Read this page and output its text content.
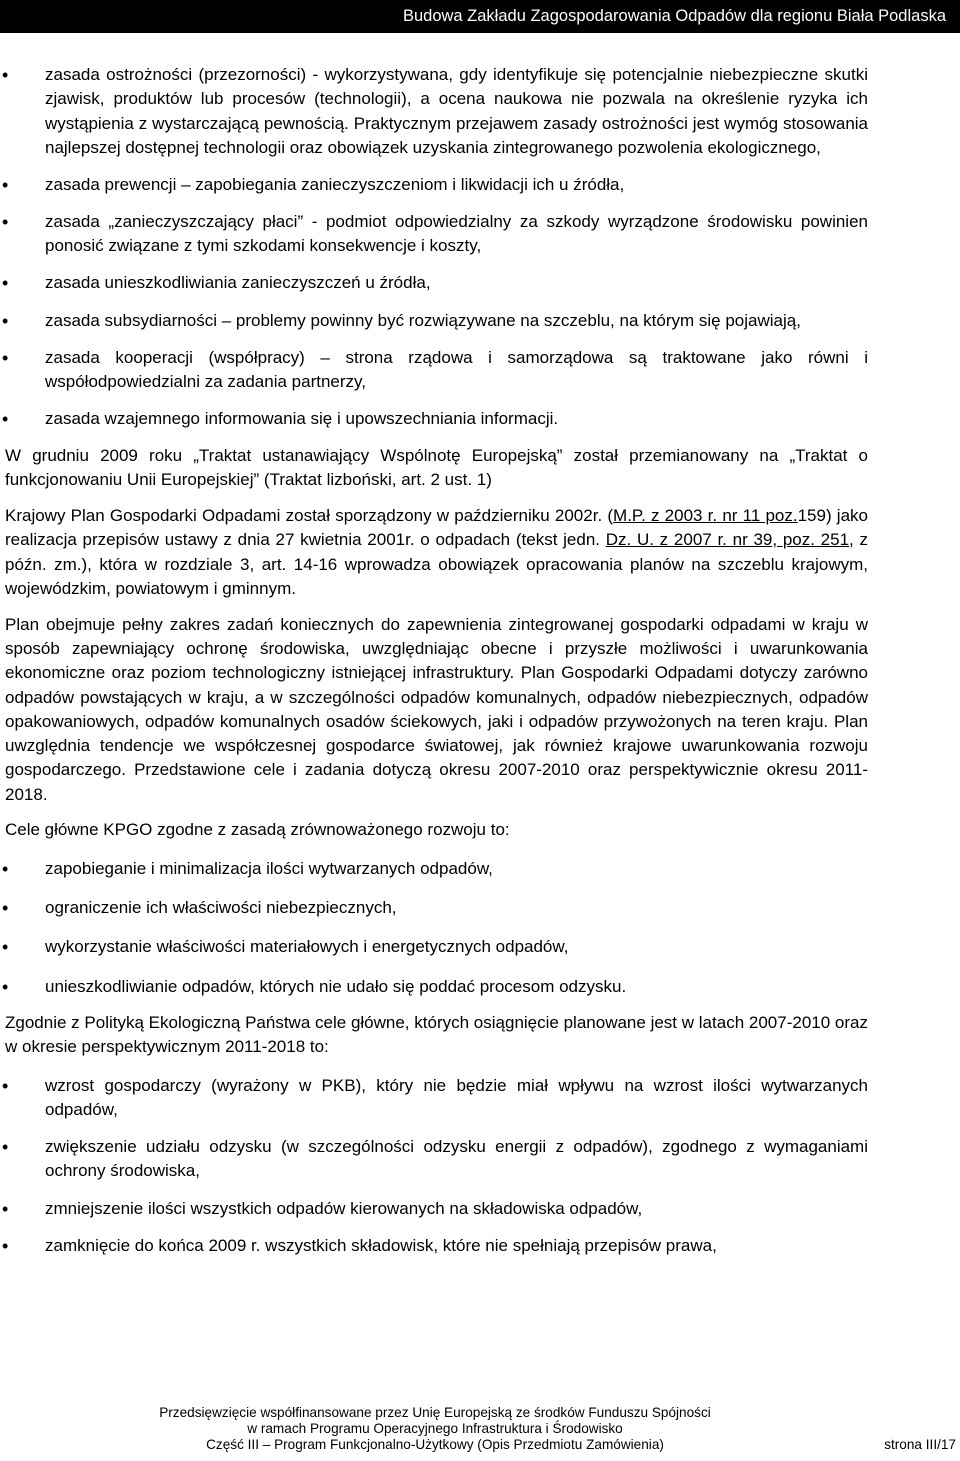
Budowa Zakładu Zagospodarowania Odpadów dla regionu Biała Podlaska
• zasada ostrożności (przezorności) - wykorzystywana, gdy identyfikuje się potencjalnie niebezpieczne skutki zjawisk, produktów lub procesów (technologii), a ocena naukowa nie pozwala na określenie ryzyka ich wystąpienia z wystarczającą pewnością. Praktycznym przejawem zasady ostrożności jest wymóg stosowania najlepszej dostępnej technologii oraz obowiązek uzyskania zintegrowanego pozwolenia ekologicznego,
• zasada prewencji – zapobiegania zanieczyszczeniom i likwidacji ich u źródła,
• zasada „zanieczyszczający płaci” - podmiot odpowiedzialny za szkody wyrządzone środowisku powinien ponosić związane z tymi szkodami konsekwencje i koszty,
• zasada unieszkodliwiania zanieczyszczeń u źródła,
• zasada subsydiarności – problemy powinny być rozwiązywane na szczeblu, na którym się pojawiają,
• zasada kooperacji (współpracy) – strona rządowa i samorządowa są traktowane jako równi i współodpowiedzialni za zadania partnerzy,
• zasada wzajemnego informowania się i upowszechniania informacji.

W grudniu 2009 roku „Traktat ustanawiający Wspólnotę Europejską” został przemianowany na „Traktat o funkcjonowaniu Unii Europejskiej” (Traktat lizboński, art. 2 ust. 1)

Krajowy Plan Gospodarki Odpadami został sporządzony w październiku 2002r. (M.P. z 2003 r. nr 11 poz.159) jako realizacja przepisów ustawy z dnia 27 kwietnia 2001r. o odpadach (tekst jedn. Dz. U. z 2007 r. nr 39, poz. 251, z późn. zm.), która w rozdziale 3, art. 14-16 wprowadza obowiązek opracowania planów na szczeblu krajowym, wojewódzkim, powiatowym i gminnym.

Plan obejmuje pełny zakres zadań koniecznych do zapewnienia zintegrowanej gospodarki odpadami w kraju w sposób zapewniający ochronę środowiska, uwzględniając obecne i przyszłe możliwości i uwarunkowania ekonomiczne oraz poziom technologiczny istniejącej infrastruktury. Plan Gospodarki Odpadami dotyczy zarówno odpadów powstających w kraju, a w szczególności odpadów komunalnych, odpadów niebezpiecznych, odpadów opakowaniowych, odpadów komunalnych osadów ściekowych, jaki i odpadów przywożonych na teren kraju. Plan uwzględnia tendencje we współczesnej gospodarce światowej, jak również krajowe uwarunkowania rozwoju gospodarczego. Przedstawione cele i zadania dotyczą okresu 2007-2010 oraz perspektywicznie okresu 2011-2018.

Cele główne KPGO zgodne z zasadą zrównoważonego rozwoju to:

• zapobieganie i minimalizacja ilości wytwarzanych odpadów,
• ograniczenie ich właściwości niebezpiecznych,
• wykorzystanie właściwości materiałowych i energetycznych odpadów,
• unieszkodliwianie odpadów, których nie udało się poddać procesom odzysku.

Zgodnie z Polityką Ekologiczną Państwa cele główne, których osiągnięcie planowane jest w latach 2007-2010 oraz w okresie perspektywicznym 2011-2018 to:

• wzrost gospodarczy (wyrażony w PKB), który nie będzie miał wpływu na wzrost ilości wytwarzanych odpadów,
• zwiększenie udziału odzysku (w szczególności odzysku energii z odpadów), zgodnego z wymaganiami ochrony środowiska,
• zmniejszenie ilości wszystkich odpadów kierowanych na składowiska odpadów,
• zamknięcie do końca 2009 r. wszystkich składowisk, które nie spełniają przepisów prawa,
Przedsięwzięcie współfinansowane przez Unię Europejską ze środków Funduszu Spójności
w ramach Programu Operacyjnego Infrastruktura i Środowisko
Część III – Program Funkcjonalno-Użytkowy (Opis Przedmiotu Zamówienia)	strona III/17
